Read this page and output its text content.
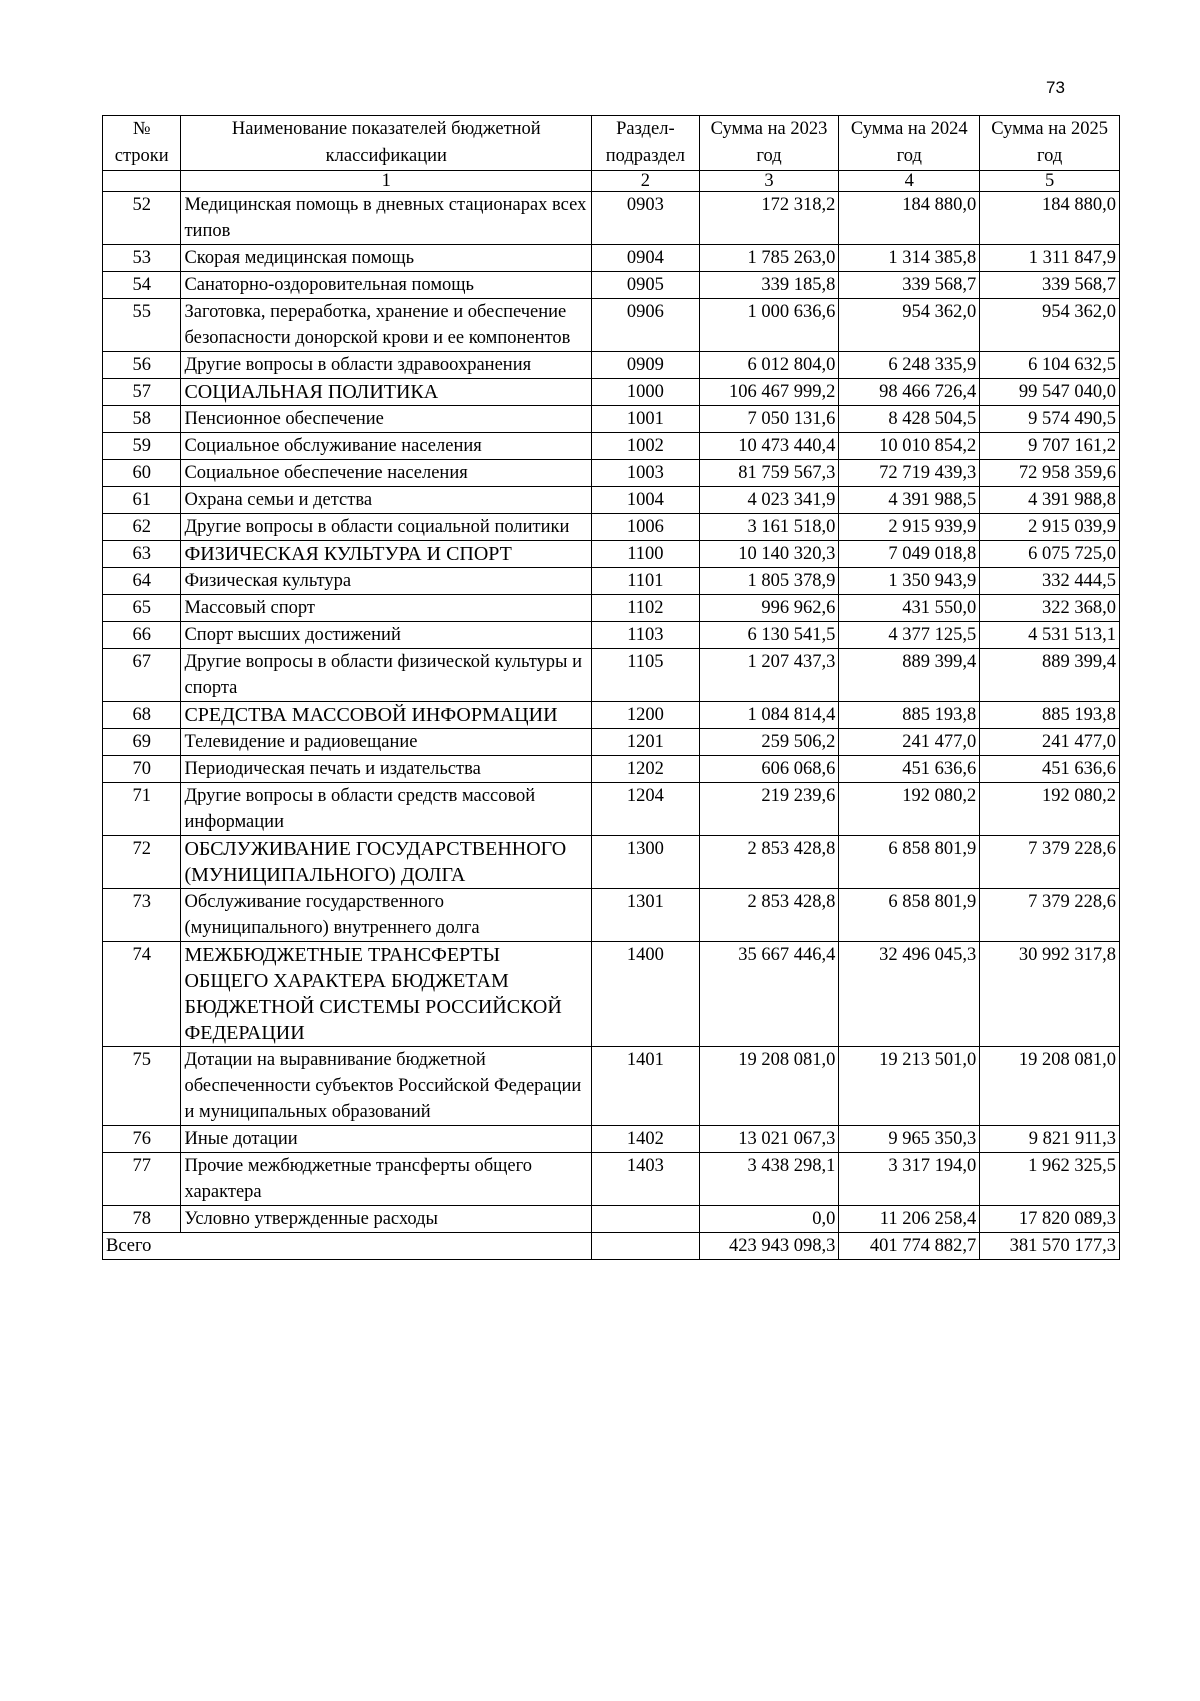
73
№ строки	Наименование показателей бюджетной классификации	Раздел-подраздел	Сумма на 2023 год	Сумма на 2024 год	Сумма на 2025 год
	1	2	3	4	5
52	Медицинская помощь в дневных стационарах всех типов	0903	172 318,2	184 880,0	184 880,0
53	Скорая медицинская помощь	0904	1 785 263,0	1 314 385,8	1 311 847,9
54	Санаторно-оздоровительная помощь	0905	339 185,8	339 568,7	339 568,7
55	Заготовка, переработка, хранение и обеспечение безопасности донорской крови и ее компонентов	0906	1 000 636,6	954 362,0	954 362,0
56	Другие вопросы в области здравоохранения	0909	6 012 804,0	6 248 335,9	6 104 632,5
57	СОЦИАЛЬНАЯ ПОЛИТИКА	1000	106 467 999,2	98 466 726,4	99 547 040,0
58	Пенсионное обеспечение	1001	7 050 131,6	8 428 504,5	9 574 490,5
59	Социальное обслуживание населения	1002	10 473 440,4	10 010 854,2	9 707 161,2
60	Социальное обеспечение населения	1003	81 759 567,3	72 719 439,3	72 958 359,6
61	Охрана семьи и детства	1004	4 023 341,9	4 391 988,5	4 391 988,8
62	Другие вопросы в области социальной политики	1006	3 161 518,0	2 915 939,9	2 915 039,9
63	ФИЗИЧЕСКАЯ КУЛЬТУРА И СПОРТ	1100	10 140 320,3	7 049 018,8	6 075 725,0
64	Физическая культура	1101	1 805 378,9	1 350 943,9	332 444,5
65	Массовый спорт	1102	996 962,6	431 550,0	322 368,0
66	Спорт высших достижений	1103	6 130 541,5	4 377 125,5	4 531 513,1
67	Другие вопросы в области физической культуры и спорта	1105	1 207 437,3	889 399,4	889 399,4
68	СРЕДСТВА МАССОВОЙ ИНФОРМАЦИИ	1200	1 084 814,4	885 193,8	885 193,8
69	Телевидение и радиовещание	1201	259 506,2	241 477,0	241 477,0
70	Периодическая печать и издательства	1202	606 068,6	451 636,6	451 636,6
71	Другие вопросы в области средств массовой информации	1204	219 239,6	192 080,2	192 080,2
72	ОБСЛУЖИВАНИЕ ГОСУДАРСТВЕННОГО (МУНИЦИПАЛЬНОГО) ДОЛГА	1300	2 853 428,8	6 858 801,9	7 379 228,6
73	Обслуживание государственного (муниципального) внутреннего долга	1301	2 853 428,8	6 858 801,9	7 379 228,6
74	МЕЖБЮДЖЕТНЫЕ ТРАНСФЕРТЫ ОБЩЕГО ХАРАКТЕРА БЮДЖЕТАМ БЮДЖЕТНОЙ СИСТЕМЫ РОССИЙСКОЙ ФЕДЕРАЦИИ	1400	35 667 446,4	32 496 045,3	30 992 317,8
75	Дотации на выравнивание бюджетной обеспеченности субъектов Российской Федерации и муниципальных образований	1401	19 208 081,0	19 213 501,0	19 208 081,0
76	Иные дотации	1402	13 021 067,3	9 965 350,3	9 821 911,3
77	Прочие межбюджетные трансферты общего характера	1403	3 438 298,1	3 317 194,0	1 962 325,5
78	Условно утвержденные расходы		0,0	11 206 258,4	17 820 089,3
Всего			423 943 098,3	401 774 882,7	381 570 177,3
